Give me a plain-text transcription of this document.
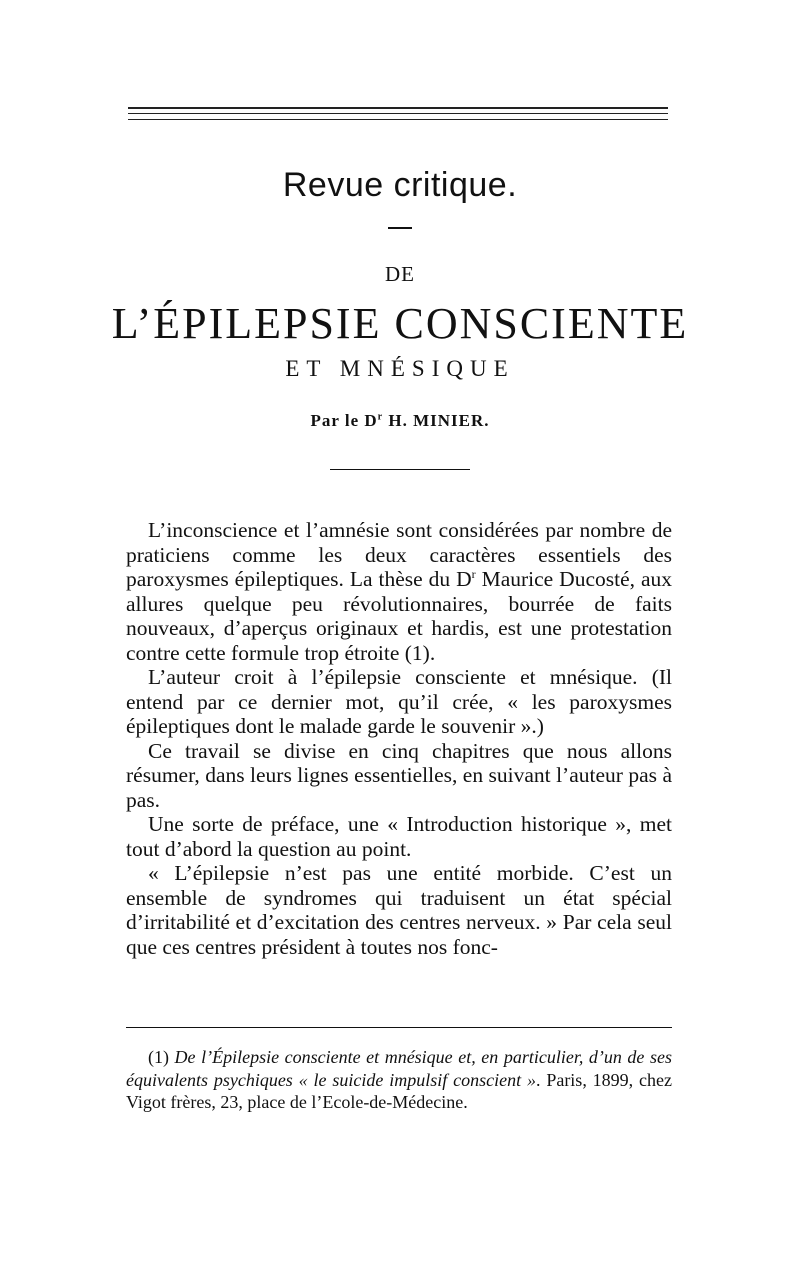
Revue critique.
DE
L’ÉPILEPSIE CONSCIENTE
ET MNÉSIQUE
Par le $D^r$ H. MINIER.

L’inconscience et l’amnésie sont considérées par nombre de praticiens comme les deux caractères essentiels des paroxysmes épileptiques. La thèse du $D^r$ Maurice Ducosté, aux allures quelque peu révolutionnaires, bourrée de faits nouveaux, d’aperçus originaux et hardis, est une protestation contre cette formule trop étroite (1).

L’auteur croit à l’épilepsie consciente et mnésique. (Il entend par ce dernier mot, qu’il crée, « les paroxysmes épileptiques dont le malade garde le souvenir ».)

Ce travail se divise en cinq chapitres que nous allons résumer, dans leurs lignes essentielles, en suivant l’auteur pas à pas.

Une sorte de préface, une « Introduction historique », met tout d’abord la question au point.

« L’épilepsie n’est pas une entité morbide. C’est un ensemble de syndromes qui traduisent un état spécial d’irritabilité et d’excitation des centres nerveux. » Par cela seul que ces centres président à toutes nos fonc-

(1) De l’Épilepsie consciente et mnésique et, en particulier, d’un de ses équivalents psychiques « le suicide impulsif conscient ». Paris, 1899, chez Vigot frères, 23, place de l’Ecole-de-Médecine.
